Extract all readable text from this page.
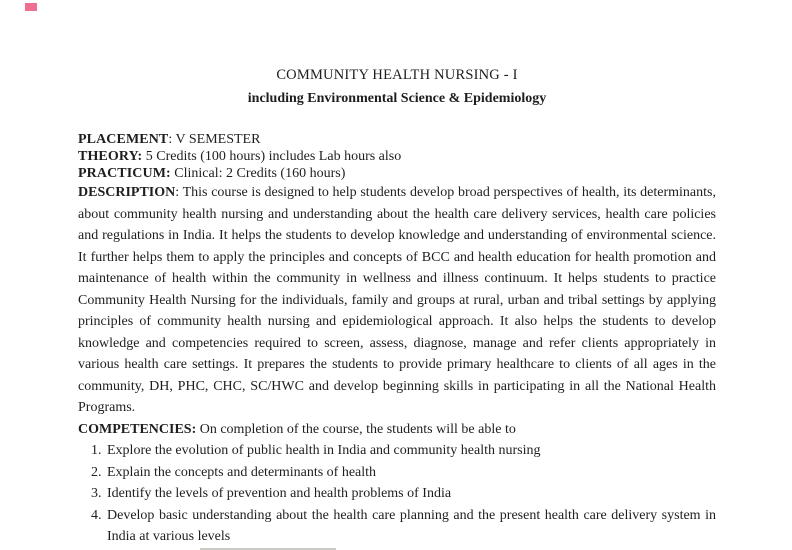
COMMUNITY HEALTH NURSING - I
including Environmental Science & Epidemiology

PLACEMENT: V SEMESTER

THEORY: 5 Credits (100 hours) includes Lab hours also

PRACTICUM: Clinical: 2 Credits (160 hours)

DESCRIPTION: This course is designed to help students develop broad perspectives of health, its determinants, about community health nursing and understanding about the health care delivery services, health care policies and regulations in India. It helps the students to develop knowledge and understanding of environmental science. It further helps them to apply the principles and concepts of BCC and health education for health promotion and maintenance of health within the community in wellness and illness continuum. It helps students to practice Community Health Nursing for the individuals, family and groups at rural, urban and tribal settings by applying principles of community health nursing and epidemiological approach. It also helps the students to develop knowledge and competencies required to screen, assess, diagnose, manage and refer clients appropriately in various health care settings. It prepares the students to provide primary healthcare to clients of all ages in the community, DH, PHC, CHC, SC/HWC and develop beginning skills in participating in all the National Health Programs.

COMPETENCIES: On completion of the course, the students will be able to

1. Explore the evolution of public health in India and community health nursing
2. Explain the concepts and determinants of health
3. Identify the levels of prevention and health problems of India
4. Develop basic understanding about the health care planning and the present health care delivery system in India at various levels
